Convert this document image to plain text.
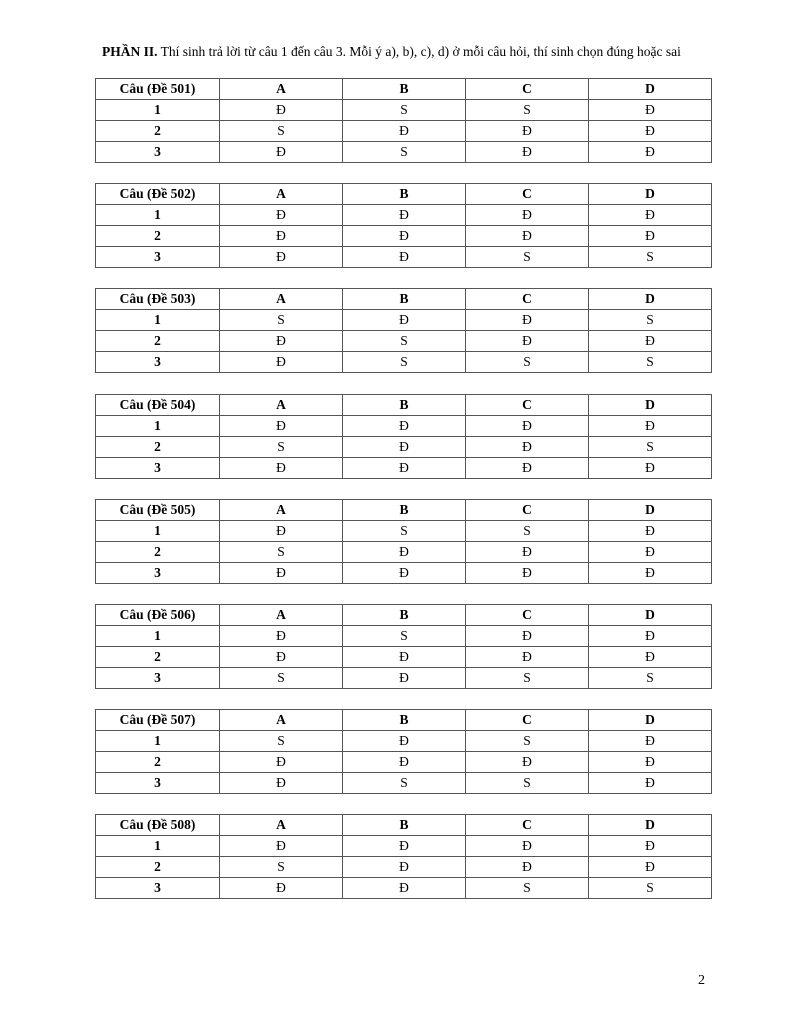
PHẦN II. Thí sinh trả lời từ câu 1 đến câu 3. Mỗi ý a), b), c), d) ở mỗi câu hỏi, thí sinh chọn đúng hoặc sai
Câu (Đề 501)	A	B	C	D
1	Đ	S	S	Đ
2	S	Đ	Đ	Đ
3	Đ	S	Đ	Đ
Câu (Đề 502)	A	B	C	D
1	Đ	Đ	Đ	Đ
2	Đ	Đ	Đ	Đ
3	Đ	Đ	S	S
Câu (Đề 503)	A	B	C	D
1	S	Đ	Đ	S
2	Đ	S	Đ	Đ
3	Đ	S	S	S
Câu (Đề 504)	A	B	C	D
1	Đ	Đ	Đ	Đ
2	S	Đ	Đ	S
3	Đ	Đ	Đ	Đ
Câu (Đề 505)	A	B	C	D
1	Đ	S	S	Đ
2	S	Đ	Đ	Đ
3	Đ	Đ	Đ	Đ
Câu (Đề 506)	A	B	C	D
1	Đ	S	Đ	Đ
2	Đ	Đ	Đ	Đ
3	S	Đ	S	S
Câu (Đề 507)	A	B	C	D
1	S	Đ	S	Đ
2	Đ	Đ	Đ	Đ
3	Đ	S	S	Đ
Câu (Đề 508)	A	B	C	D
1	Đ	Đ	Đ	Đ
2	S	Đ	Đ	Đ
3	Đ	Đ	S	S
2
